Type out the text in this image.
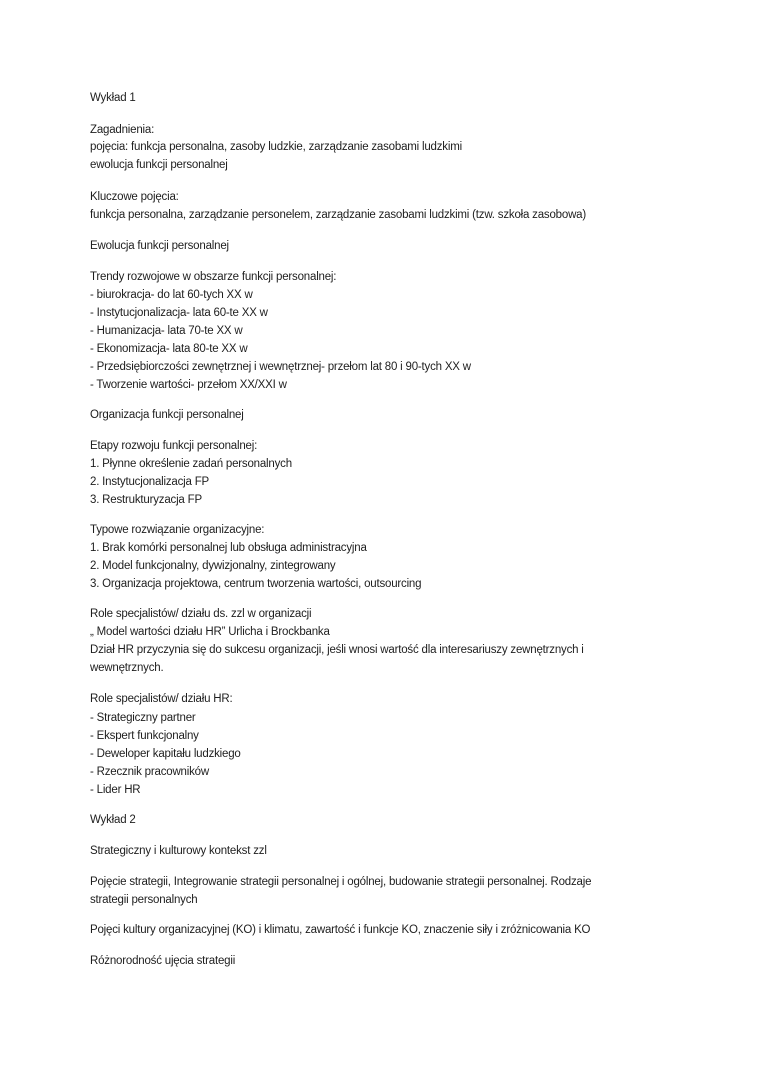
Wykład 1
Zagadnienia:
pojęcia: funkcja personalna, zasoby ludzkie, zarządzanie zasobami ludzkimi
ewolucja funkcji personalnej
Kluczowe pojęcia:
funkcja personalna, zarządzanie personelem, zarządzanie zasobami ludzkimi (tzw. szkoła zasobowa)
Ewolucja funkcji personalnej
Trendy rozwojowe w obszarze funkcji personalnej:
- biurokracja- do lat 60-tych XX w
- Instytucjonalizacja- lata 60-te XX w
- Humanizacja- lata 70-te XX w
- Ekonomizacja- lata 80-te XX w
- Przedsiębiorczości zewnętrznej i wewnętrznej- przełom lat 80 i 90-tych XX w
- Tworzenie wartości- przełom XX/XXI w
Organizacja funkcji personalnej
Etapy rozwoju funkcji personalnej:
1. Płynne określenie zadań personalnych
2. Instytucjonalizacja FP
3. Restrukturyzacja FP
Typowe rozwiązanie organizacyjne:
1. Brak komórki personalnej lub obsługa administracyjna
2. Model funkcjonalny, dywizjonalny, zintegrowany
3. Organizacja projektowa, centrum tworzenia wartości, outsourcing
Role specjalistów/ działu ds. zzl w organizacji
„ Model wartości działu HR” Urlicha i Brockbanka
Dział HR przyczynia się do sukcesu organizacji, jeśli wnosi wartość dla interesariuszy zewnętrznych i
wewnętrznych.
Role specjalistów/ działu HR:
- Strategiczny partner
- Ekspert funkcjonalny
- Deweloper kapitału ludzkiego
- Rzecznik pracowników
- Lider HR
Wykład 2
Strategiczny i kulturowy kontekst zzl
Pojęcie strategii, Integrowanie strategii personalnej i ogólnej, budowanie strategii personalnej. Rodzaje
strategii personalnych
Pojęci kultury organizacyjnej (KO) i klimatu, zawartość i funkcje KO, znaczenie siły i zróżnicowania KO
Różnorodność ujęcia strategii
